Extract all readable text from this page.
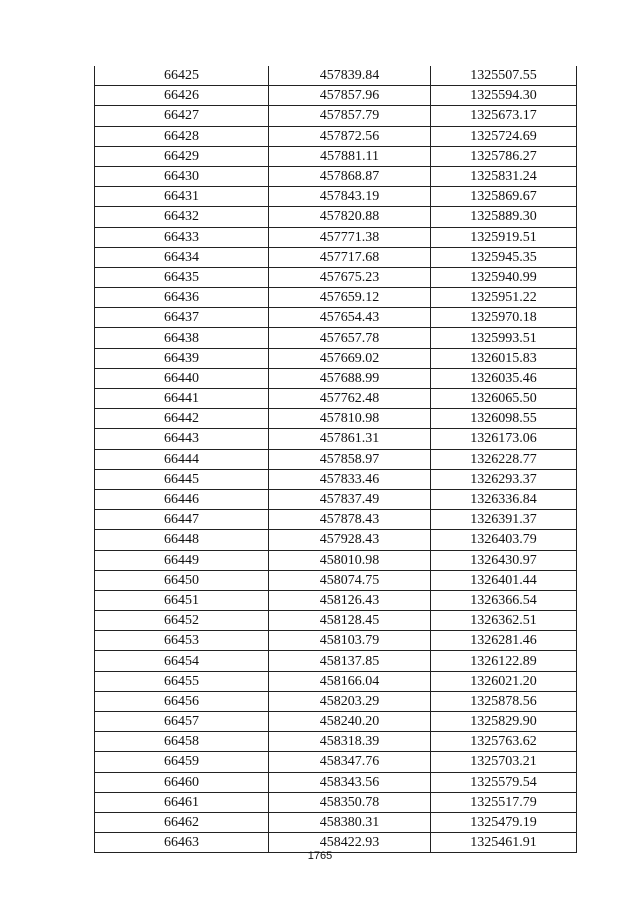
66425	457839.84	1325507.55
66426	457857.96	1325594.30
66427	457857.79	1325673.17
66428	457872.56	1325724.69
66429	457881.11	1325786.27
66430	457868.87	1325831.24
66431	457843.19	1325869.67
66432	457820.88	1325889.30
66433	457771.38	1325919.51
66434	457717.68	1325945.35
66435	457675.23	1325940.99
66436	457659.12	1325951.22
66437	457654.43	1325970.18
66438	457657.78	1325993.51
66439	457669.02	1326015.83
66440	457688.99	1326035.46
66441	457762.48	1326065.50
66442	457810.98	1326098.55
66443	457861.31	1326173.06
66444	457858.97	1326228.77
66445	457833.46	1326293.37
66446	457837.49	1326336.84
66447	457878.43	1326391.37
66448	457928.43	1326403.79
66449	458010.98	1326430.97
66450	458074.75	1326401.44
66451	458126.43	1326366.54
66452	458128.45	1326362.51
66453	458103.79	1326281.46
66454	458137.85	1326122.89
66455	458166.04	1326021.20
66456	458203.29	1325878.56
66457	458240.20	1325829.90
66458	458318.39	1325763.62
66459	458347.76	1325703.21
66460	458343.56	1325579.54
66461	458350.78	1325517.79
66462	458380.31	1325479.19
66463	458422.93	1325461.91
1765
